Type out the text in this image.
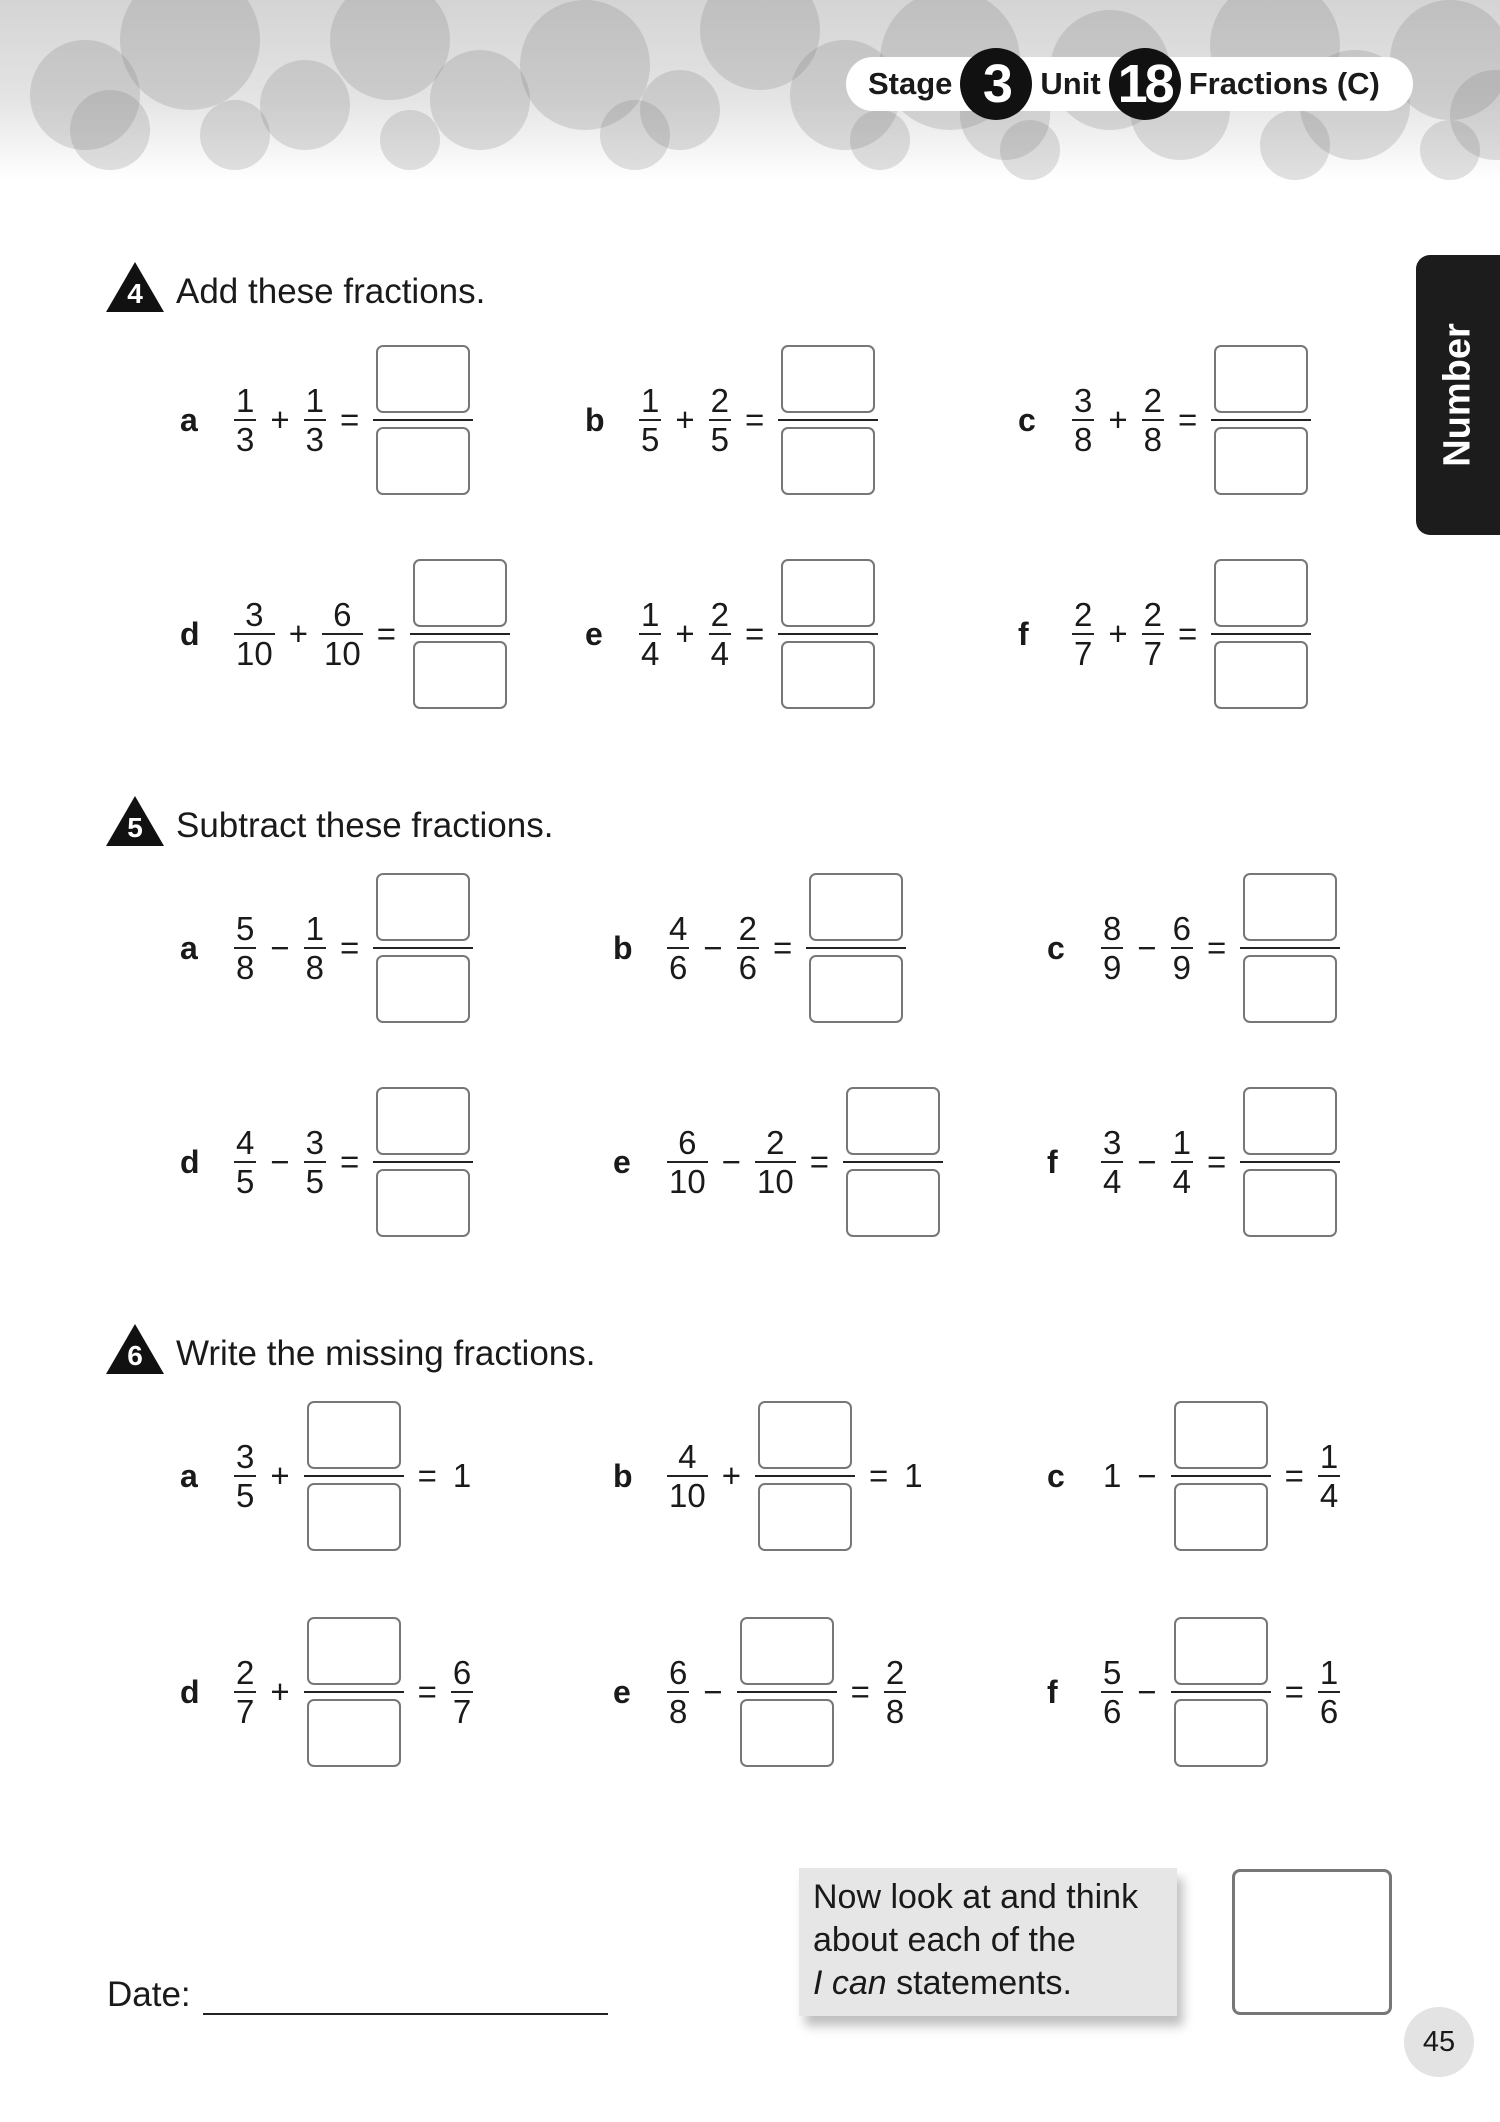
Stage 3 Unit 18 Fractions (C)
Number
4 Add these fractions.
a	$\frac{1}{3} + \frac{1}{3}$ =	b	$\frac{1}{5} + \frac{2}{5}$ =	c	$\frac{3}{8} + \frac{2}{8}$ =
d	$\frac{3}{10} + \frac{6}{10}$ =	e	$\frac{1}{4} + \frac{2}{4}$ =	f	$\frac{2}{7} + \frac{2}{7}$ =
5 Subtract these fractions.
a	$\frac{5}{8} - \frac{1}{8}$ =	b	$\frac{4}{6} - \frac{2}{6}$ =	c	$\frac{8}{9} - \frac{6}{9}$ =
d	$\frac{4}{5} - \frac{3}{5}$ =	e	$\frac{6}{10} - \frac{2}{10}$ =	f	$\frac{3}{4} - \frac{1}{4}$ =
6 Write the missing fractions.
a	$\frac{3}{5}$ +	= 1	b	$\frac{4}{10}$ +	= 1	c	1 −	= $\frac{1}{4}$
d	$\frac{2}{7}$ +	= $\frac{6}{7}$	e	$\frac{6}{8}$ −	= $\frac{2}{8}$	f	$\frac{5}{6}$ −	= $\frac{1}{6}$
Date:
Now look at and think
about each of the
I can statements.
45
